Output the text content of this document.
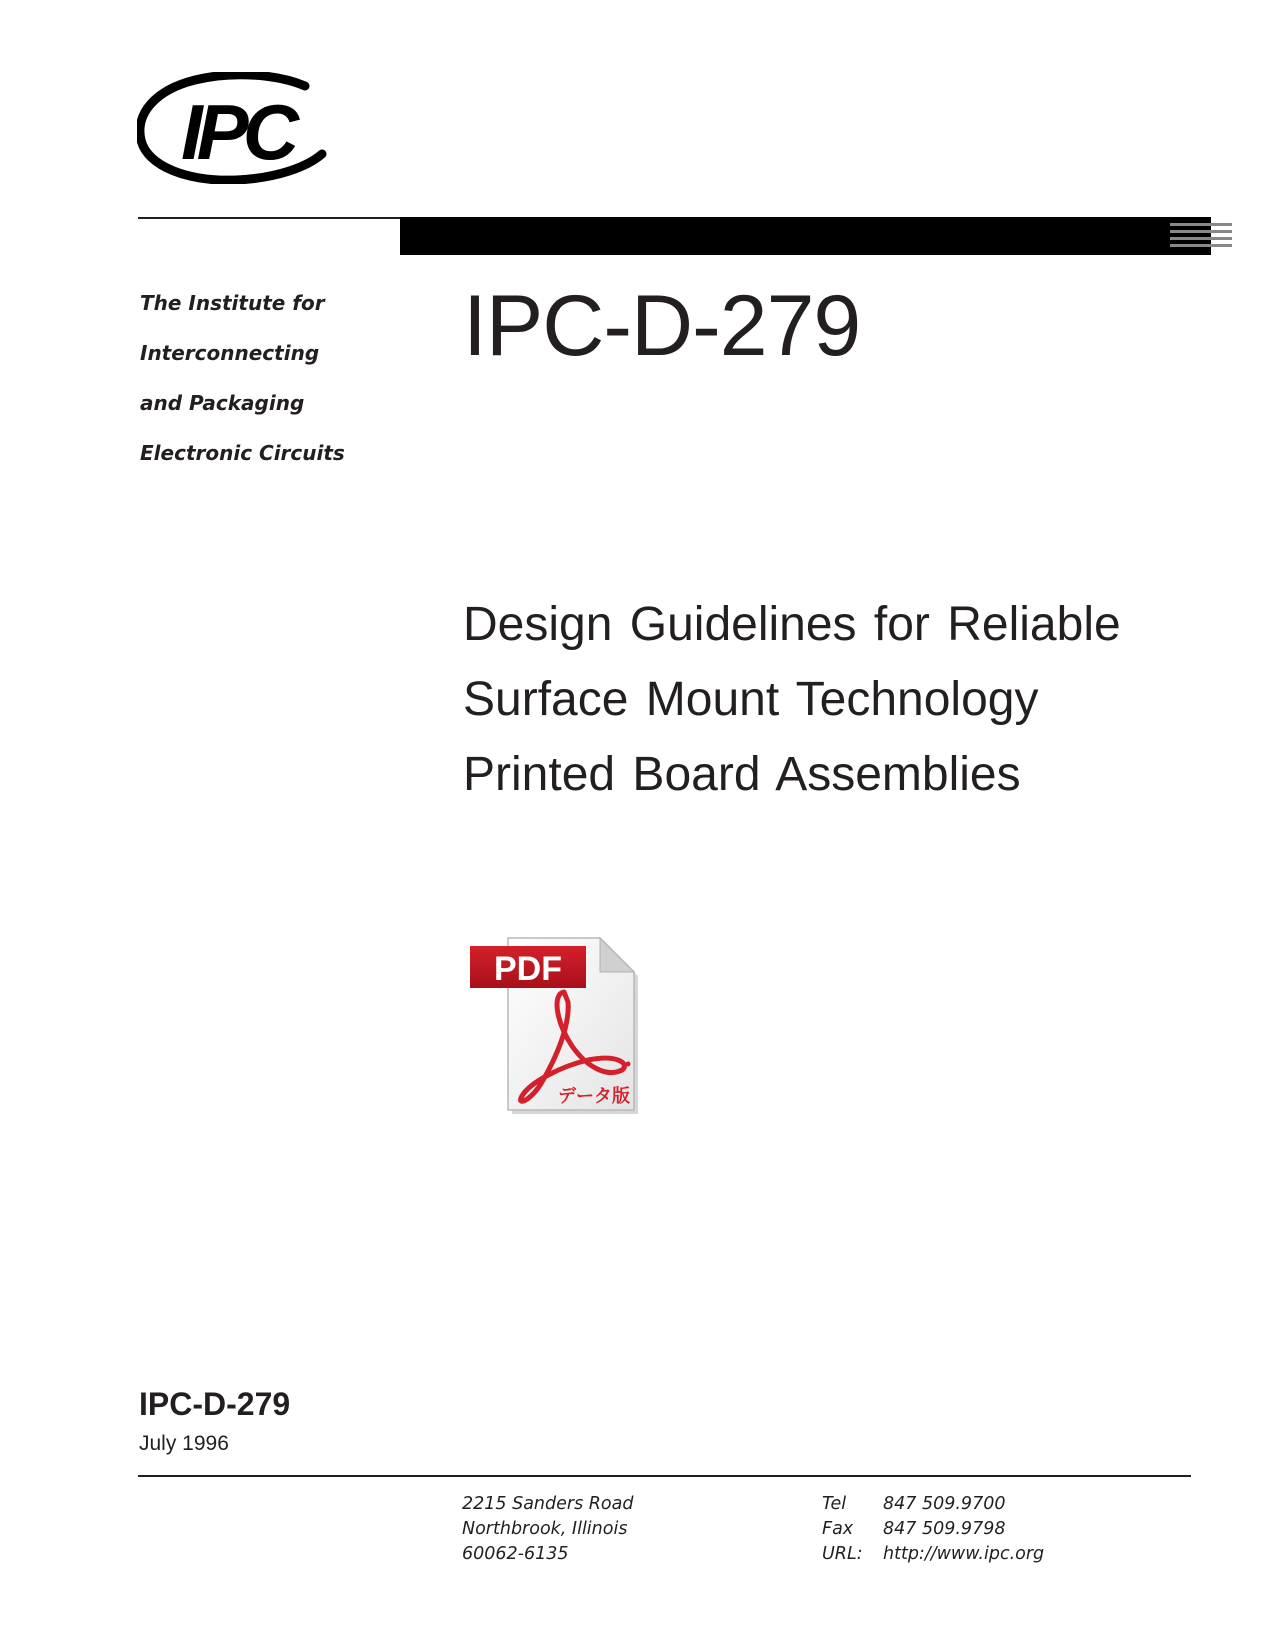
IPC
The Institute for
Interconnecting
and Packaging
Electronic Circuits
IPC-D-279
Design Guidelines for Reliable
Surface Mount Technology
Printed Board Assemblies
PDF
データ版
IPC-D-279
July 1996
2215 Sanders Road
Northbrook, Illinois
60062-6135
Tel 847 509.9700
Fax 847 509.9798
URL: http://www.ipc.org
